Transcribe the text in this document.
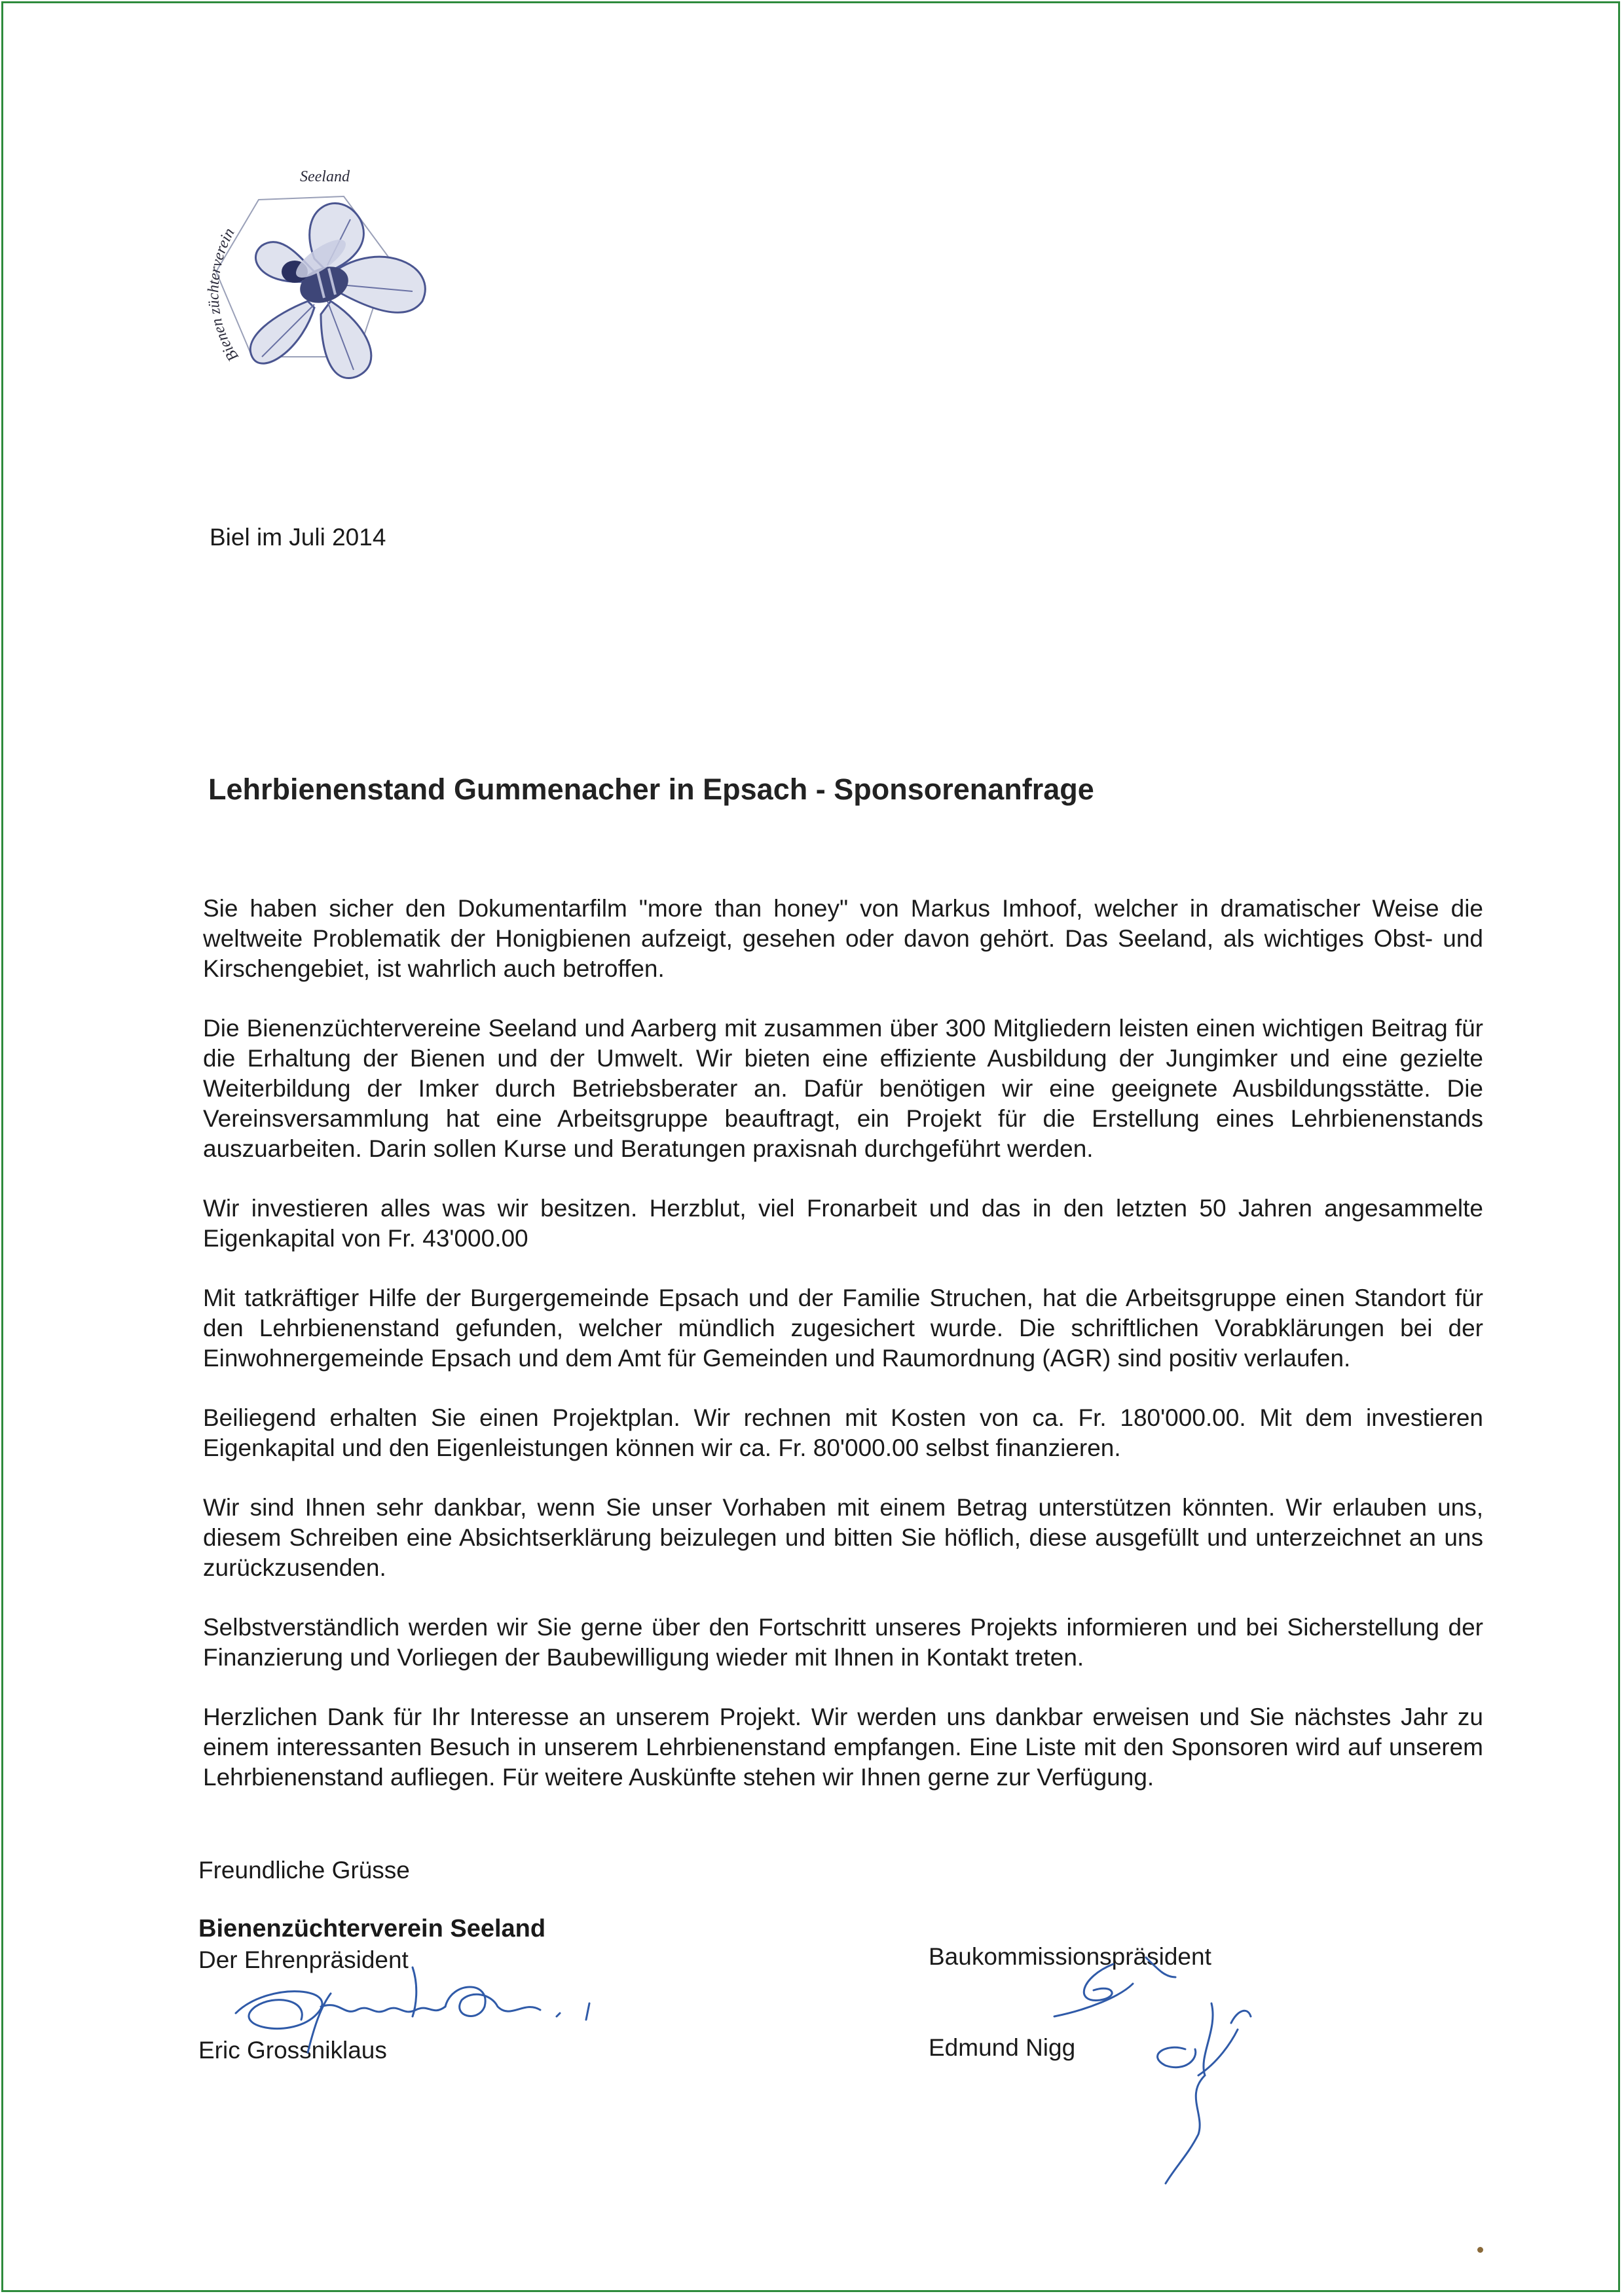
Bienen züchterverein
Seeland
Biel im Juli 2014
Lehrbienenstand Gummenacher in Epsach - Sponsorenanfrage

Sie haben sicher den Dokumentarfilm "more than honey" von Markus Imhoof, welcher in dramatischer Weise die weltweite Problematik der Honigbienen aufzeigt, gesehen oder davon gehört. Das Seeland, als wichtiges Obst- und Kirschengebiet, ist wahrlich auch betroffen.

Die Bienenzüchtervereine Seeland und Aarberg mit zusammen über 300 Mitgliedern leisten einen wichtigen Beitrag für die Erhaltung der Bienen und der Umwelt. Wir bieten eine effiziente Ausbildung der Jungimker und eine gezielte Weiterbildung der Imker durch Betriebsberater an. Dafür benötigen wir eine geeignete Ausbildungsstätte. Die Vereinsversammlung hat eine Arbeitsgruppe beauftragt, ein Projekt für die Erstellung eines Lehrbienenstands auszuarbeiten. Darin sollen Kurse und Beratungen praxisnah durchgeführt werden.

Wir investieren alles was wir besitzen. Herzblut, viel Fronarbeit und das in den letzten 50 Jahren angesammelte Eigenkapital von Fr. 43'000.00

Mit tatkräftiger Hilfe der Burgergemeinde Epsach und der Familie Struchen, hat die Arbeitsgruppe einen Standort für den Lehrbienenstand gefunden, welcher mündlich zugesichert wurde. Die schriftlichen Vorabklärungen bei der Einwohnergemeinde Epsach und dem Amt für Gemeinden und Raumordnung (AGR) sind positiv verlaufen.

Beiliegend erhalten Sie einen Projektplan. Wir rechnen mit Kosten von ca. Fr. 180'000.00. Mit dem investieren Eigenkapital und den Eigenleistungen können wir ca. Fr. 80'000.00 selbst finanzieren.

Wir sind Ihnen sehr dankbar, wenn Sie unser Vorhaben mit einem Betrag unterstützen könnten. Wir erlauben uns, diesem Schreiben eine Absichtserklärung beizulegen und bitten Sie höflich, diese ausgefüllt und unterzeichnet an uns zurückzusenden.

Selbstverständlich werden wir Sie gerne über den Fortschritt unseres Projekts informieren und bei Sicherstellung der Finanzierung und Vorliegen der Baubewilligung wieder mit Ihnen in Kontakt treten.

Herzlichen Dank für Ihr Interesse an unserem Projekt. Wir werden uns dankbar erweisen und Sie nächstes Jahr zu einem interessanten Besuch in unserem Lehrbienenstand empfangen. Eine Liste mit den Sponsoren wird auf unserem Lehrbienenstand aufliegen. Für weitere Auskünfte stehen wir Ihnen gerne zur Verfügung.

Freundliche Grüsse
Bienenzüchterverein Seeland
Der Ehrenpräsident
Eric Grossniklaus
Baukommissionspräsident
Edmund Nigg
